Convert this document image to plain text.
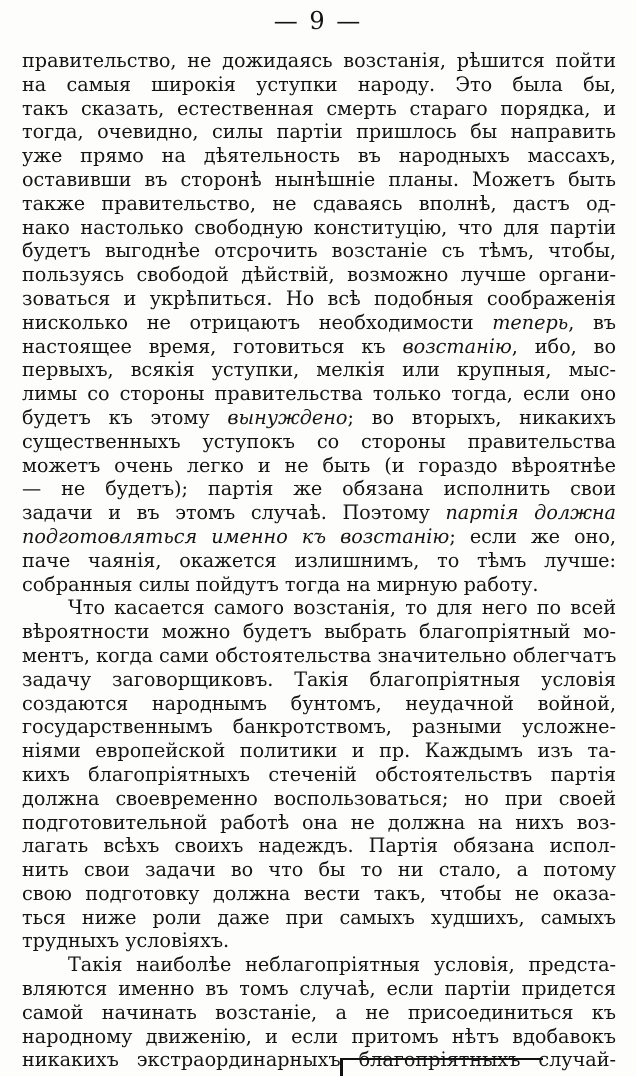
— 9 —
правительство, не дожидаясь возстанія, рѣшится пойти
на самыя широкія уступки народу. Это была бы,
такъ сказать, естественная смерть стараго порядка, и
тогда, очевидно, силы партіи пришлось бы направить
уже прямо на дѣятельность въ народныхъ массахъ,
оставивши въ сторонѣ нынѣшніе планы. Можетъ быть
также правительство, не сдаваясь вполнѣ, дастъ од-
нако настолько свободную конституцію, что для партіи
будетъ выгоднѣе отсрочить возстаніе съ тѣмъ, чтобы,
пользуясь свободой дѣйствій, возможно лучше органи-
зоваться и укрѣпиться. Но всѣ подобныя соображенія
нисколько не отрицаютъ необходимости теперь, въ
настоящее время, готовиться къ возстанію, ибо, во
первыхъ, всякія уступки, мелкія или крупныя, мыс-
лимы со стороны правительства только тогда, если оно
будетъ къ этому вынуждено; во вторыхъ, никакихъ
существенныхъ уступокъ со стороны правительства
можетъ очень легко и не быть (и гораздо вѣроятнѣе
— не будетъ); партія же обязана исполнить свои
задачи и въ этомъ случаѣ. Поэтому партія должна
подготовляться именно къ возстанію; если же оно,
паче чаянія, окажется излишнимъ, то тѣмъ лучше:
собранныя силы пойдутъ тогда на мирную работу.
Что касается самого возстанія, то для него по всей
вѣроятности можно будетъ выбрать благопріятный мо-
ментъ, когда сами обстоятельства значительно облегчатъ
задачу заговорщиковъ. Такія благопріятныя условія
создаются народнымъ бунтомъ, неудачной войной,
государственнымъ банкротствомъ, разными усложне-
ніями европейской политики и пр. Каждымъ изъ та-
кихъ благопріятныхъ стеченій обстоятельствъ партія
должна своевременно воспользоваться; но при своей
подготовительной работѣ она не должна на нихъ воз-
лагать всѣхъ своихъ надеждъ. Партія обязана испол-
нить свои задачи во что бы то ни стало, а потому
свою подготовку должна вести такъ, чтобы не оказа-
ться ниже роли даже при самыхъ худшихъ, самыхъ
трудныхъ условіяхъ.
Такія наиболѣе неблагопріятныя условія, предста-
вляются именно въ томъ случаѣ, если партіи придется
самой начинать возстаніе, а не присоединиться къ
народному движенію, и если притомъ нѣтъ вдобавокъ
никакихъ экстраординарныхъ благопріятныхъ случай-
